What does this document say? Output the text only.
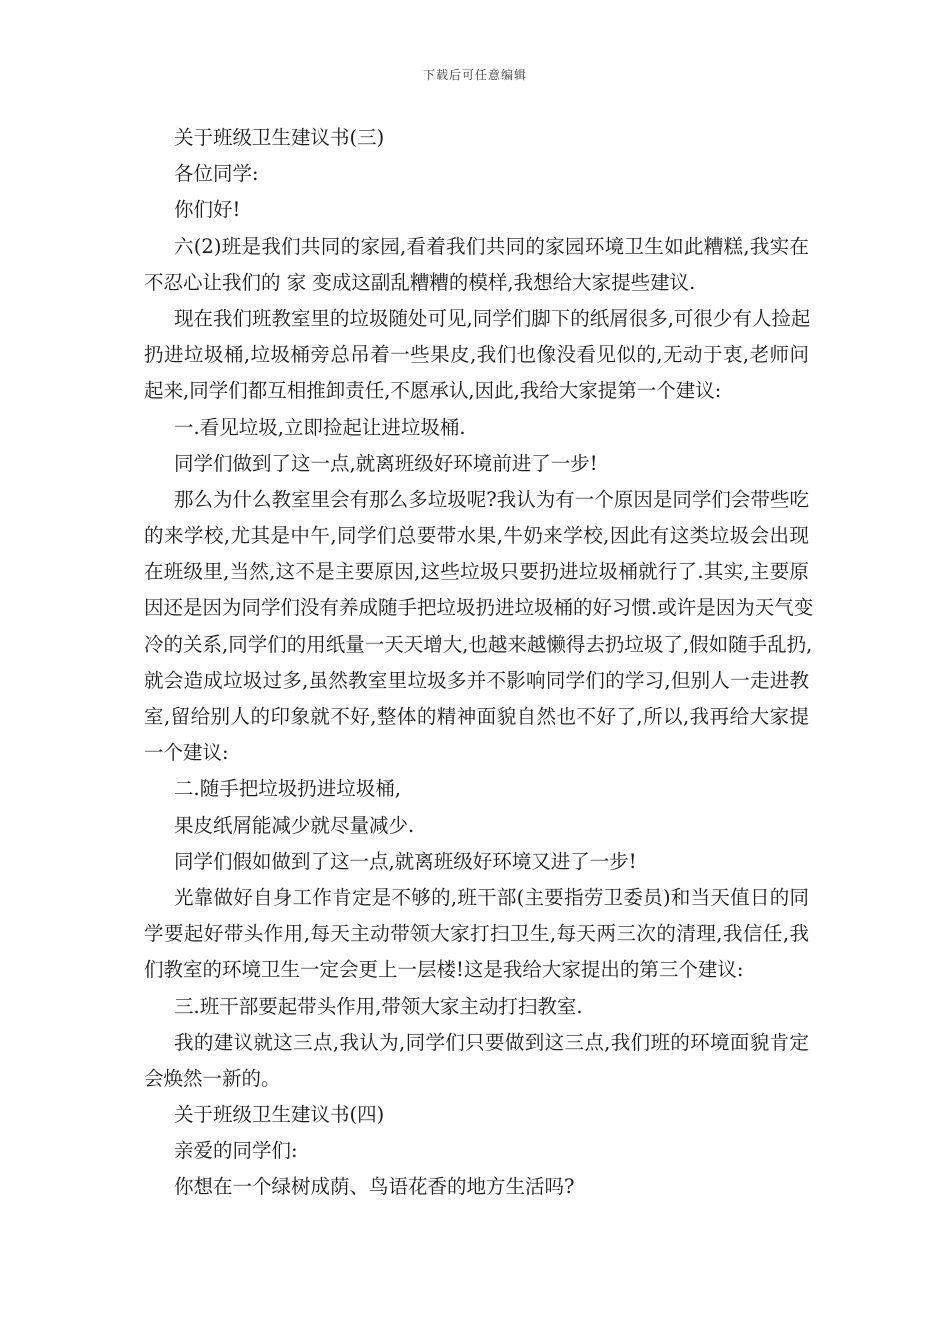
下载后可任意编辑
关于班级卫生建议书(三)
各位同学:
你们好!
六(2)班是我们共同的家园,看着我们共同的家园环境卫生如此糟糕,我实在
不忍心让我们的 家 变成这副乱糟糟的模样,我想给大家提些建议.
现在我们班教室里的垃圾随处可见,同学们脚下的纸屑很多,可很少有人捡起
扔进垃圾桶,垃圾桶旁总吊着一些果皮,我们也像没看见似的,无动于衷,老师问
起来,同学们都互相推卸责任,不愿承认,因此,我给大家提第一个建议:
一.看见垃圾,立即捡起让进垃圾桶.
同学们做到了这一点,就离班级好环境前进了一步!
那么为什么教室里会有那么多垃圾呢?我认为有一个原因是同学们会带些吃
的来学校,尤其是中午,同学们总要带水果,牛奶来学校,因此有这类垃圾会出现
在班级里,当然,这不是主要原因,这些垃圾只要扔进垃圾桶就行了.其实,主要原
因还是因为同学们没有养成随手把垃圾扔进垃圾桶的好习惯.或许是因为天气变
冷的关系,同学们的用纸量一天天增大,也越来越懒得去扔垃圾了,假如随手乱扔,
就会造成垃圾过多,虽然教室里垃圾多并不影响同学们的学习,但别人一走进教
室,留给别人的印象就不好,整体的精神面貌自然也不好了,所以,我再给大家提
一个建议:
二.随手把垃圾扔进垃圾桶,
果皮纸屑能减少就尽量减少.
同学们假如做到了这一点,就离班级好环境又进了一步!
光靠做好自身工作肯定是不够的,班干部(主要指劳卫委员)和当天值日的同
学要起好带头作用,每天主动带领大家打扫卫生,每天两三次的清理,我信任,我
们教室的环境卫生一定会更上一层楼!这是我给大家提出的第三个建议:
三.班干部要起带头作用,带领大家主动打扫教室.
我的建议就这三点,我认为,同学们只要做到这三点,我们班的环境面貌肯定
会焕然一新的。
关于班级卫生建议书(四)
亲爱的同学们:
你想在一个绿树成荫、鸟语花香的地方生活吗?
